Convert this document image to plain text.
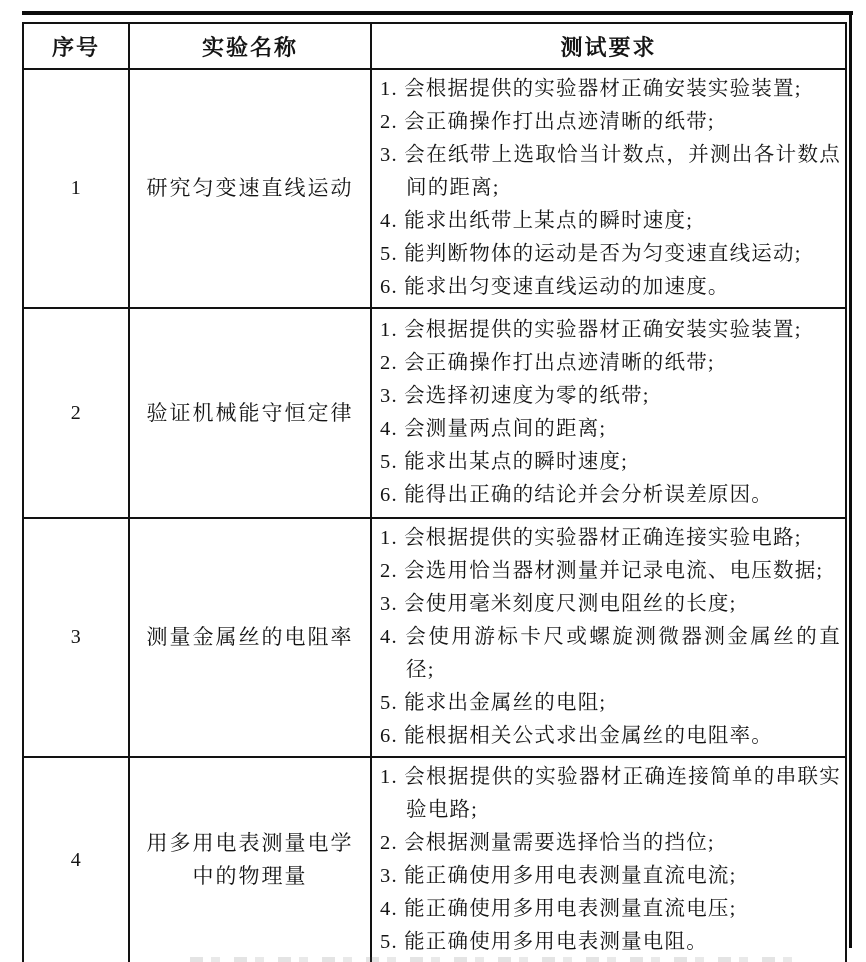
序号	实验名称	测试要求
1	研究匀变速直线运动	
1. 会根据提供的实验器材正确安装实验装置;
2. 会正确操作打出点迹清晰的纸带;
3. 会在纸带上选取恰当计数点，并测出各计数点间的距离;
4. 能求出纸带上某点的瞬时速度;
5. 能判断物体的运动是否为匀变速直线运动;
6. 能求出匀变速直线运动的加速度。

2	验证机械能守恒定律	
1. 会根据提供的实验器材正确安装实验装置;
2. 会正确操作打出点迹清晰的纸带;
3. 会选择初速度为零的纸带;
4. 会测量两点间的距离;
5. 能求出某点的瞬时速度;
6. 能得出正确的结论并会分析误差原因。

3	测量金属丝的电阻率	
1. 会根据提供的实验器材正确连接实验电路;
2. 会选用恰当器材测量并记录电流、电压数据;
3. 会使用毫米刻度尺测电阻丝的长度;
4. 会使用游标卡尺或螺旋测微器测金属丝的直径;
5. 能求出金属丝的电阻;
6. 能根据相关公式求出金属丝的电阻率。

4	用多用电表测量电学中的物理量	1. 会根据提供的实验器材正确连接简单的串联实验电路;
2. 会根据测量需要选择恰当的挡位;
3. 能正确使用多用电表测量直流电流;
4. 能正确使用多用电表测量直流电压;
5. 能正确使用多用电表测量电阻。
